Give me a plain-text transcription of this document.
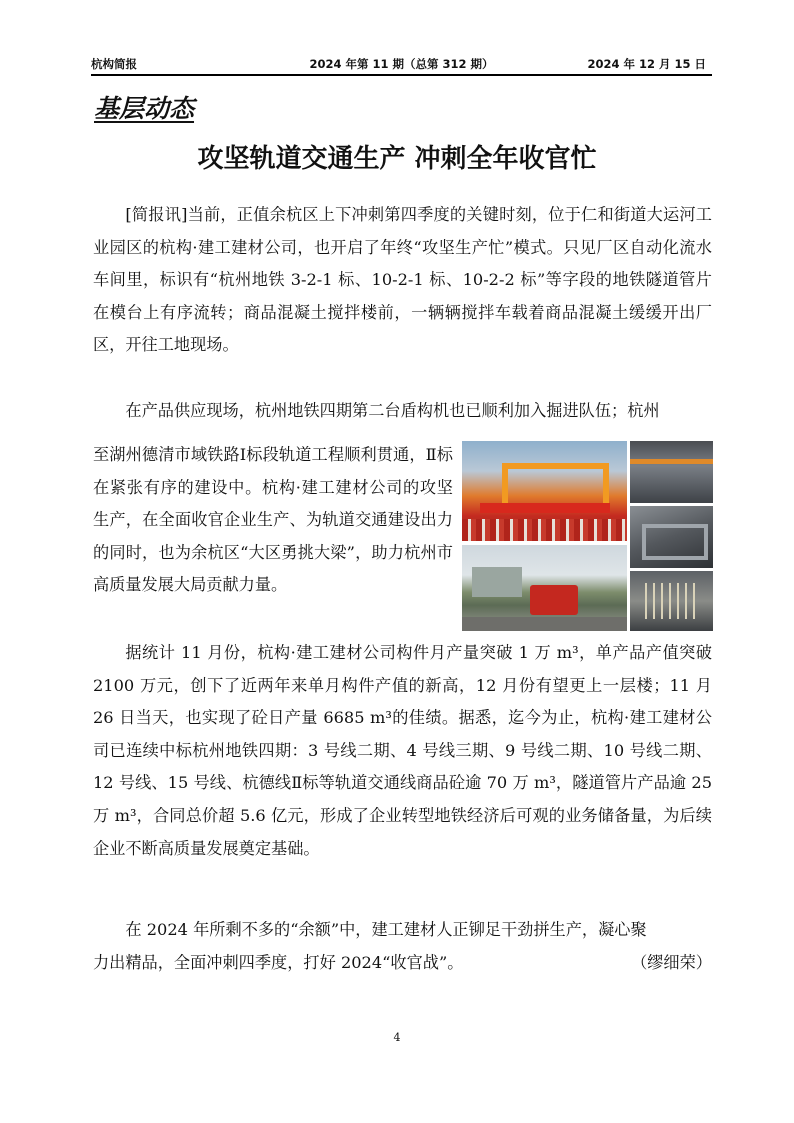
2024 年第 11 期（总第 312 期）
杭构简报	2024 年 12 月 15 日
基层动态
攻坚轨道交通生产 冲刺全年收官忙

[简报讯]当前，正值余杭区上下冲刺第四季度的关键时刻，位于仁和街道大运河工业园区的杭构·建工建材公司，也开启了年终“攻坚生产忙”模式。只见厂区自动化流水车间里，标识有“杭州地铁 3-2-1 标、10-2-1 标、10-2-2 标”等字段的地铁隧道管片在模台上有序流转；商品混凝土搅拌楼前，一辆辆搅拌车载着商品混凝土缓缓开出厂区，开往工地现场。

在产品供应现场，杭州地铁四期第二台盾构机也已顺利加入掘进队伍；杭州

至湖州德清市域铁路Ⅰ标段轨道工程顺利贯通，Ⅱ标在紧张有序的建设中。杭构·建工建材公司的攻坚生产，在全面收官企业生产、为轨道交通建设出力的同时，也为余杭区“大区勇挑大梁”，助力杭州市高质量发展大局贡献力量。

据统计 11 月份，杭构·建工建材公司构件月产量突破 1 万 m³，单产品产值突破 2100 万元，创下了近两年来单月构件产值的新高，12 月份有望更上一层楼；11 月 26 日当天，也实现了砼日产量 6685 m³的佳绩。据悉，迄今为止，杭构·建工建材公司已连续中标杭州地铁四期：3 号线二期、4 号线三期、9 号线二期、10 号线二期、12 号线、15 号线、杭德线Ⅱ标等轨道交通线商品砼逾 70 万 m³，隧道管片产品逾 25 万 m³，合同总价超 5.6 亿元，形成了企业转型地铁经济后可观的业务储备量，为后续企业不断高质量发展奠定基础。

在 2024 年所剩不多的“余额”中，建工建材人正铆足干劲拼生产，凝心聚

力出精品，全面冲刺四季度，打好 2024“收官战”。	（缪细荣）

4
